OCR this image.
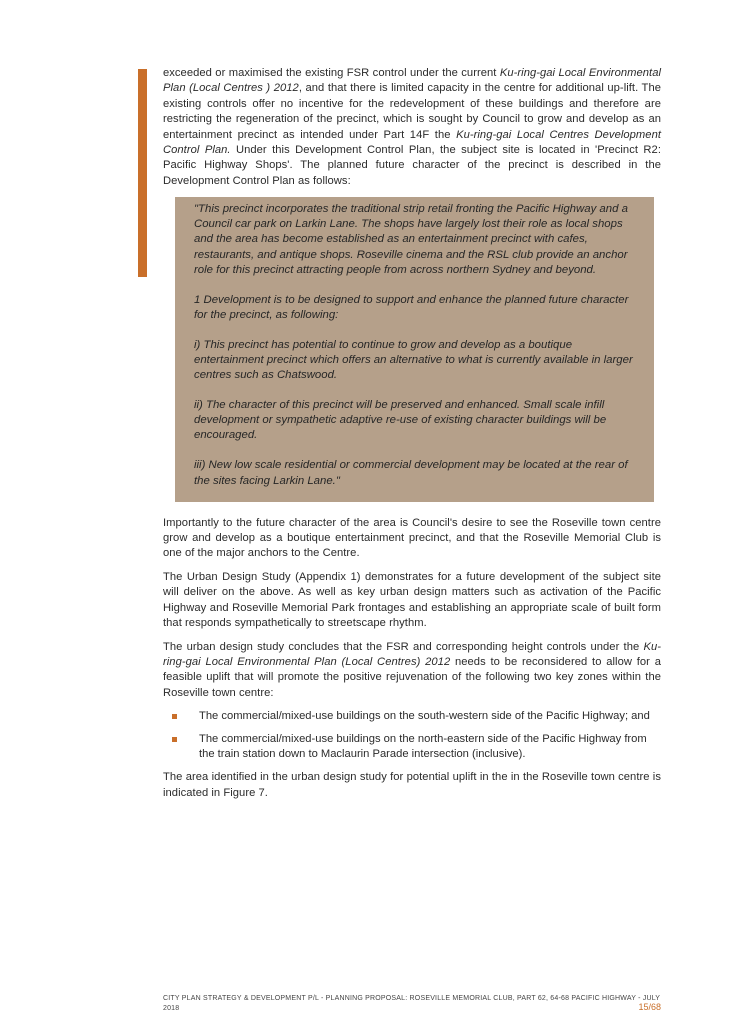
exceeded or maximised the existing FSR control under the current Ku-ring-gai Local Environmental Plan (Local Centres ) 2012, and that there is limited capacity in the centre for additional up-lift. The existing controls offer no incentive for the redevelopment of these buildings and therefore are restricting the regeneration of the precinct, which is sought by Council to grow and develop as an entertainment precinct as intended under Part 14F the Ku-ring-gai Local Centres Development Control Plan. Under this Development Control Plan, the subject site is located in 'Precinct R2: Pacific Highway Shops'. The planned future character of the precinct is described in the Development Control Plan as follows:

"This precinct incorporates the traditional strip retail fronting the Pacific Highway and a Council car park on Larkin Lane. The shops have largely lost their role as local shops and the area has become established as an entertainment precinct with cafes, restaurants, and antique shops. Roseville cinema and the RSL club provide an anchor role for this precinct attracting people from across northern Sydney and beyond.

1 Development is to be designed to support and enhance the planned future character for the precinct, as following:

i) This precinct has potential to continue to grow and develop as a boutique entertainment precinct which offers an alternative to what is currently available in larger centres such as Chatswood.

ii) The character of this precinct will be preserved and enhanced. Small scale infill development or sympathetic adaptive re-use of existing character buildings will be encouraged.

iii) New low scale residential or commercial development may be located at the rear of the sites facing Larkin Lane."

Importantly to the future character of the area is Council's desire to see the Roseville town centre grow and develop as a boutique entertainment precinct, and that the Roseville Memorial Club is one of the major anchors to the Centre.

The Urban Design Study (Appendix 1) demonstrates for a future development of the subject site will deliver on the above. As well as key urban design matters such as activation of the Pacific Highway and Roseville Memorial Park frontages and establishing an appropriate scale of built form that responds sympathetically to streetscape rhythm.

The urban design study concludes that the FSR and corresponding height controls under the Ku-ring-gai Local Environmental Plan (Local Centres) 2012 needs to be reconsidered to allow for a feasible uplift that will promote the positive rejuvenation of the following two key zones within the Roseville town centre:

The commercial/mixed-use buildings on the south-western side of the Pacific Highway; and
The commercial/mixed-use buildings on the north-eastern side of the Pacific Highway from the train station down to Maclaurin Parade intersection (inclusive).

The area identified in the urban design study for potential uplift in the in the Roseville town centre is indicated in Figure 7.

CITY PLAN STRATEGY & DEVELOPMENT P/L - PLANNING PROPOSAL: ROSEVILLE MEMORIAL CLUB, PART 62, 64-68 PACIFIC HIGHWAY - JULY 2018	15/68
